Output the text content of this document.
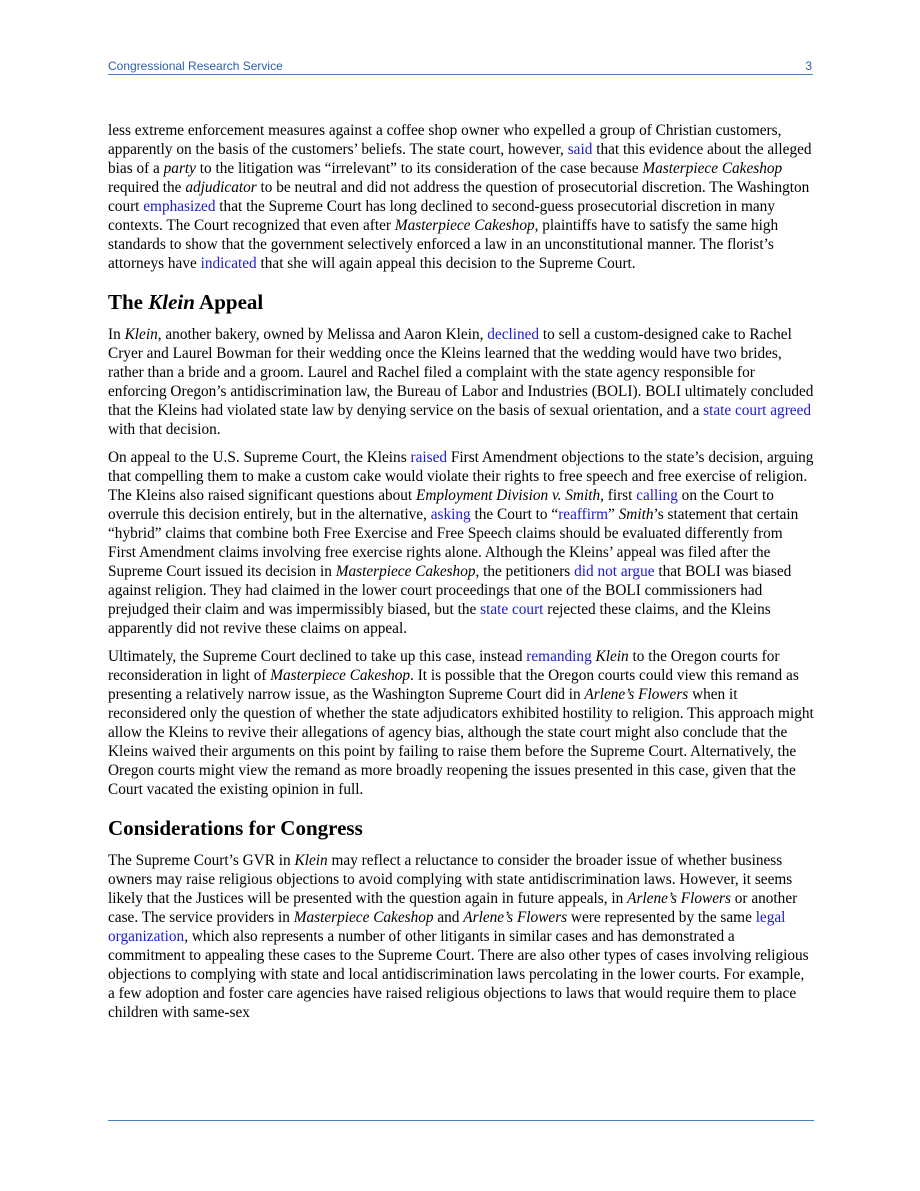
Congressional Research Service	3

less extreme enforcement measures against a coffee shop owner who expelled a group of Christian customers, apparently on the basis of the customers’ beliefs. The state court, however, said that this evidence about the alleged bias of a party to the litigation was “irrelevant” to its consideration of the case because Masterpiece Cakeshop required the adjudicator to be neutral and did not address the question of prosecutorial discretion. The Washington court emphasized that the Supreme Court has long declined to second-guess prosecutorial discretion in many contexts. The Court recognized that even after Masterpiece Cakeshop, plaintiffs have to satisfy the same high standards to show that the government selectively enforced a law in an unconstitutional manner. The florist’s attorneys have indicated that she will again appeal this decision to the Supreme Court.

The Klein Appeal

In Klein, another bakery, owned by Melissa and Aaron Klein, declined to sell a custom-designed cake to Rachel Cryer and Laurel Bowman for their wedding once the Kleins learned that the wedding would have two brides, rather than a bride and a groom. Laurel and Rachel filed a complaint with the state agency responsible for enforcing Oregon’s antidiscrimination law, the Bureau of Labor and Industries (BOLI). BOLI ultimately concluded that the Kleins had violated state law by denying service on the basis of sexual orientation, and a state court agreed with that decision.

On appeal to the U.S. Supreme Court, the Kleins raised First Amendment objections to the state’s decision, arguing that compelling them to make a custom cake would violate their rights to free speech and free exercise of religion. The Kleins also raised significant questions about Employment Division v. Smith, first calling on the Court to overrule this decision entirely, but in the alternative, asking the Court to “reaffirm” Smith’s statement that certain “hybrid” claims that combine both Free Exercise and Free Speech claims should be evaluated differently from First Amendment claims involving free exercise rights alone. Although the Kleins’ appeal was filed after the Supreme Court issued its decision in Masterpiece Cakeshop, the petitioners did not argue that BOLI was biased against religion. They had claimed in the lower court proceedings that one of the BOLI commissioners had prejudged their claim and was impermissibly biased, but the state court rejected these claims, and the Kleins apparently did not revive these claims on appeal.

Ultimately, the Supreme Court declined to take up this case, instead remanding Klein to the Oregon courts for reconsideration in light of Masterpiece Cakeshop. It is possible that the Oregon courts could view this remand as presenting a relatively narrow issue, as the Washington Supreme Court did in Arlene’s Flowers when it reconsidered only the question of whether the state adjudicators exhibited hostility to religion. This approach might allow the Kleins to revive their allegations of agency bias, although the state court might also conclude that the Kleins waived their arguments on this point by failing to raise them before the Supreme Court. Alternatively, the Oregon courts might view the remand as more broadly reopening the issues presented in this case, given that the Court vacated the existing opinion in full.

Considerations for Congress

The Supreme Court’s GVR in Klein may reflect a reluctance to consider the broader issue of whether business owners may raise religious objections to avoid complying with state antidiscrimination laws. However, it seems likely that the Justices will be presented with the question again in future appeals, in Arlene’s Flowers or another case. The service providers in Masterpiece Cakeshop and Arlene’s Flowers were represented by the same legal organization, which also represents a number of other litigants in similar cases and has demonstrated a commitment to appealing these cases to the Supreme Court. There are also other types of cases involving religious objections to complying with state and local antidiscrimination laws percolating in the lower courts. For example, a few adoption and foster care agencies have raised religious objections to laws that would require them to place children with same-sex
